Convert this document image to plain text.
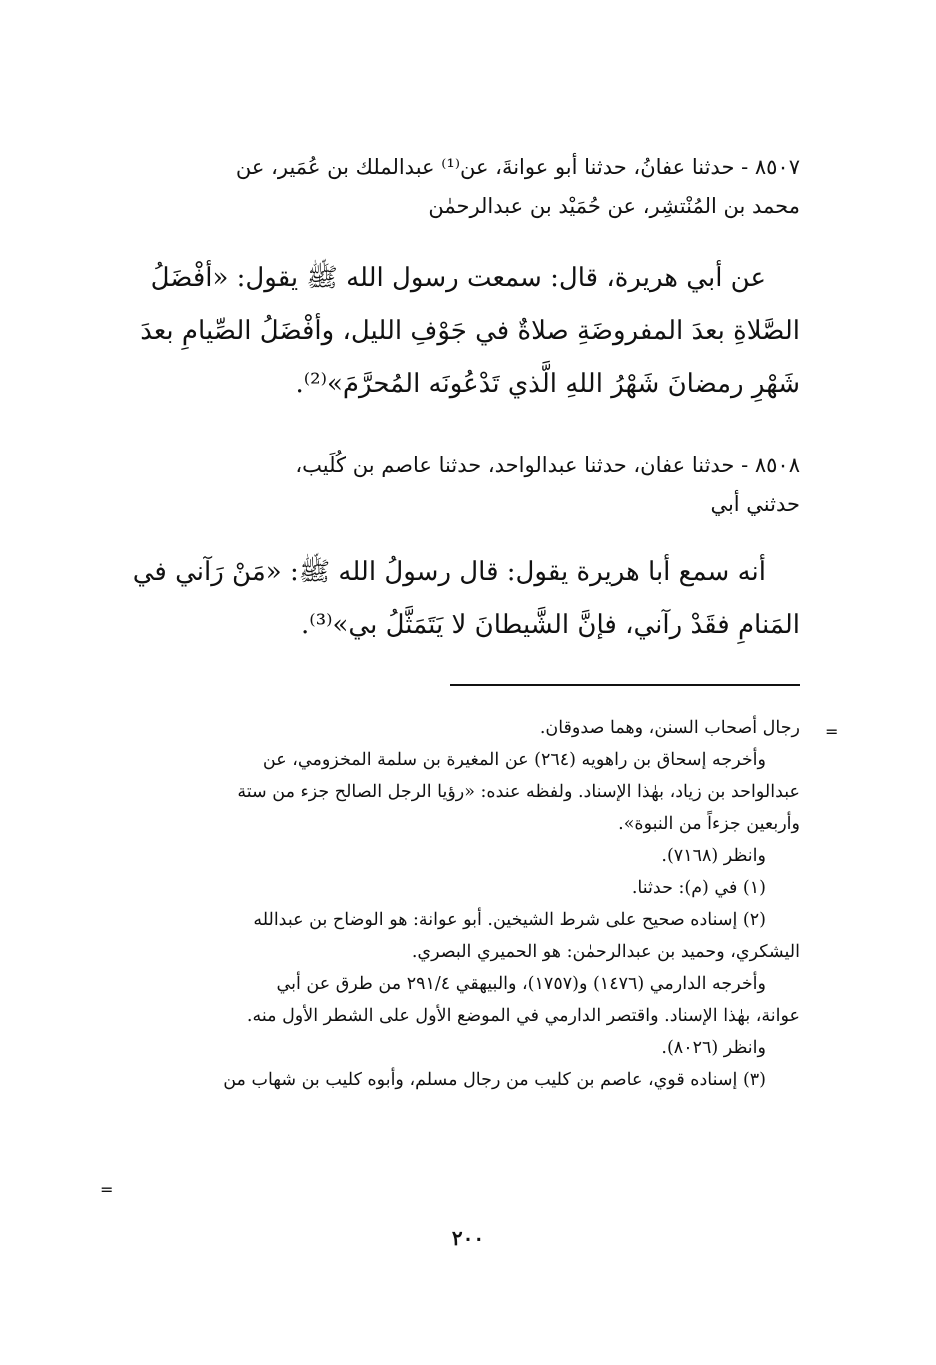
٨٥٠٧ - حدثنا عفانُ، حدثنا أبو عوانةَ، عن⁽¹⁾ عبدالملك بن عُمَير، عن
محمد بن المُنْتشِر، عن حُمَيْد بن عبدالرحمٰن
عن أبي هريرة، قال: سمعت رسول الله ﷺ يقول: «أفْضَلُ
الصَّلاةِ بعدَ المفروضَةِ صلاةٌ في جَوْفِ الليل، وأفْضَلُ الصِّيامِ بعدَ
شَهْرِ رمضانَ شَهْرُ اللهِ الَّذي تَدْعُونَه المُحرَّمَ»⁽²⁾.
٨٥٠٨ - حدثنا عفان، حدثنا عبدالواحد، حدثنا عاصم بن كُلَيب،
حدثني أبي
أنه سمع أبا هريرة يقول: قال رسولُ الله ﷺ: «مَنْ رَآني في
المَنامِ فقَدْ رآني، فإنَّ الشَّيطانَ لا يَتَمَثَّلُ بي»⁽³⁾.
=
رجال أصحاب السنن، وهما صدوقان.
وأخرجه إسحاق بن راهويه (٢٦٤) عن المغيرة بن سلمة المخزومي، عن
عبدالواحد بن زياد، بهٰذا الإسناد. ولفظه عنده: «رؤيا الرجل الصالح جزء من ستة
وأربعين جزءاً من النبوة».
وانظر (٧١٦٨).
(١) في (م): حدثنا.
(٢) إسناده صحيح على شرط الشيخين. أبو عوانة: هو الوضاح بن عبدالله
اليشكري، وحميد بن عبدالرحمٰن: هو الحميري البصري.
وأخرجه الدارمي (١٤٧٦) و(١٧٥٧)، والبيهقي ٢٩١/٤ من طرق عن أبي
عوانة، بهٰذا الإسناد. واقتصر الدارمي في الموضع الأول على الشطر الأول منه.
وانظر (٨٠٢٦).
(٣) إسناده قوي، عاصم بن كليب من رجال مسلم، وأبوه كليب بن شهاب من
=
٢٠٠
